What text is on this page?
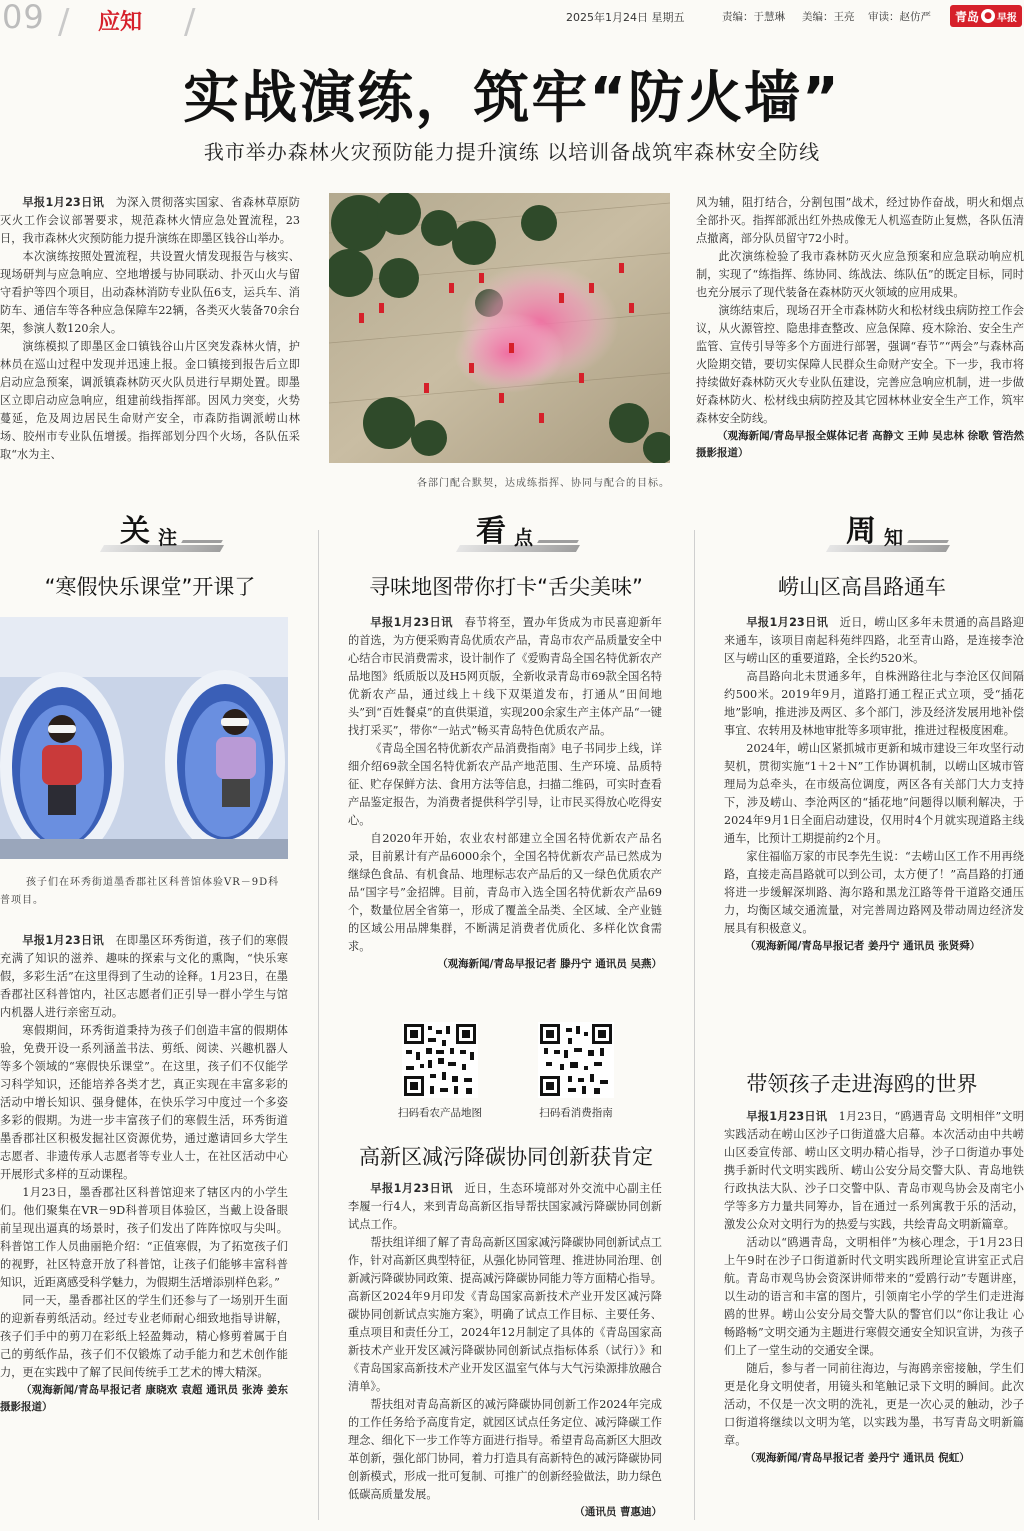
09 / 应知 /	2025年1月24日 星期五	责编：于慧琳 美编：王亮 审读：赵仿严 青岛 ● 早报
实战演练，筑牢“防火墙”
我市举办森林火灾预防能力提升演练 以培训备战筑牢森林安全防线

早报1月23日讯　 为深入贯彻落实国家、省森林草原防灭火工作会议部署要求，规范森林火情应急处置流程，23日，我市森林火灾预防能力提升演练在即墨区钱谷山举办。

本次演练按照处置流程，共设置火情发现报告与核实、现场研判与应急响应、空地增援与协同联动、扑灭山火与留守看护等四个项目，出动森林消防专业队伍6支，运兵车、消防车、通信车等各种应急保障车22辆，各类灭火装备70余台架，参演人数120余人。

演练模拟了即墨区金口镇钱谷山片区突发森林火情，护林员在巡山过程中发现并迅速上报。金口镇接到报告后立即启动应急预案，调派镇森林防灭火队员进行早期处置。即墨区立即启动应急响应，组建前线指挥部。因风力突变，火势蔓延，危及周边居民生命财产安全，市森防指调派崂山林场、胶州市专业队伍增援。指挥部划分四个火场，各队伍采取“水为主、

各部门配合默契，达成练指挥、协同与配合的目标。

风为辅，阻打结合，分割包围”战术，经过协作奋战，明火和烟点全部扑灭。指挥部派出红外热成像无人机巡查防止复燃，各队伍清点撤离，部分队员留守72小时。

此次演练检验了我市森林防灭火应急预案和应急联动响应机制，实现了“练指挥、练协同、练战法、练队伍”的既定目标，同时也充分展示了现代装备在森林防灭火领域的应用成果。

演练结束后，现场召开全市森林防火和松材线虫病防控工作会议，从火源管控、隐患排查整改、应急保障、疫木除治、安全生产监管、宣传引导等多个方面进行部署，强调“春节”“两会”与森林高火险期交错，要切实保障人民群众生命财产安全。下一步，我市将持续做好森林防灭火专业队伍建设，完善应急响应机制，进一步做好森林防火、松材线虫病防控及其它园林林业安全生产工作，筑牢森林安全防线。

（观海新闻/青岛早报全媒体记者 高静文 王帅 吴忠林 徐歌 管浩然 摄影报道）

关 注	看 点	周 知
“寒假快乐课堂”开课了
孩子们在环秀街道墨香郡社区科普馆体验VR－9D科普项目。

早报1月23日讯　 在即墨区环秀街道，孩子们的寒假充满了知识的滋养、趣味的探索与文化的熏陶，“快乐寒假，多彩生活”在这里得到了生动的诠释。1月23日，在墨香郡社区科普馆内，社区志愿者们正引导一群小学生与馆内机器人进行亲密互动。

寒假期间，环秀街道秉持为孩子们创造丰富的假期体验，免费开设一系列涵盖书法、剪纸、阅读、兴趣机器人等多个领域的“寒假快乐课堂”。在这里，孩子们不仅能学习科学知识，还能培养各类才艺，真正实现在丰富多彩的活动中增长知识、强身健体，在快乐学习中度过一个多姿多彩的假期。为进一步丰富孩子们的寒假生活，环秀街道墨香郡社区积极发掘社区资源优势，通过邀请回乡大学生志愿者、非遗传承人志愿者等专业人士，在社区活动中心开展形式多样的互动课程。

1月23日，墨香郡社区科普馆迎来了辖区内的小学生们。他们聚集在VR－9D科普项目体验区，当戴上设备眼前呈现出逼真的场景时，孩子们发出了阵阵惊叹与尖叫。科普馆工作人员曲丽艳介绍：“正值寒假，为了拓宽孩子们的视野，社区特意开放了科普馆，让孩子们能够丰富科普知识，近距离感受科学魅力，为假期生活增添别样色彩。”

同一天，墨香郡社区的学生们还参与了一场别开生面的迎新春剪纸活动。经过专业老师耐心细致地指导讲解，孩子们手中的剪刀在彩纸上轻盈舞动，精心修剪着属于自己的剪纸作品，孩子们不仅锻炼了动手能力和艺术创作能力，更在实践中了解了民间传统手工艺术的博大精深。

（观海新闻/青岛早报记者 康晓欢 袁超 通讯员 张涛 姜东 摄影报道）

寻味地图带你打卡“舌尖美味”

早报1月23日讯　 春节将至，置办年货成为市民喜迎新年的首选，为方便采购青岛优质农产品，青岛市农产品质量安全中心结合市民消费需求，设计制作了《爱购青岛全国名特优新农产品地图》纸质版以及H5网页版，全新收录青岛市69款全国名特优新农产品，通过线上＋线下双渠道发布，打通从“田间地头”到“百姓餐桌”的直供渠道，实现200余家生产主体产品“一键找打采买”，带你“一站式”畅买青岛特色优质农产品。

《青岛全国名特优新农产品消费指南》电子书同步上线，详细介绍69款全国名特优新农产品产地范围、生产环境、品质特征、贮存保鲜方法、食用方法等信息，扫描二维码，可实时查看产品鉴定报告，为消费者提供科学引导，让市民买得放心吃得安心。

自2020年开始，农业农村部建立全国名特优新农产品名录，目前累计有产品6000余个，全国名特优新农产品已然成为继绿色食品、有机食品、地理标志农产品后的又一绿色优质农产品“国字号”金招牌。目前，青岛市入选全国名特优新农产品69个，数量位居全省第一，形成了覆盖全品类、全区域、全产业链的区域公用品牌集群，不断满足消费者优质化、多样化饮食需求。

（观海新闻/青岛早报记者 滕丹宁 通讯员 吴燕）

扫码看农产品地图	扫码看消费指南
高新区减污降碳协同创新获肯定

早报1月23日讯　 近日，生态环境部对外交流中心副主任李履一行4人，来到青岛高新区指导帮扶国家减污降碳协同创新试点工作。

帮扶组详细了解了青岛高新区国家减污降碳协同创新试点工作，针对高新区典型特征，从强化协同管理、推进协同治理、创新减污降碳协同政策、提高减污降碳协同能力等方面精心指导。高新区2024年9月印发《青岛国家高新技术产业开发区减污降碳协同创新试点实施方案》，明确了试点工作目标、主要任务、重点项目和责任分工，2024年12月制定了具体的《青岛国家高新技术产业开发区减污降碳协同创新试点指标体系（试行）》和《青岛国家高新技术产业开发区温室气体与大气污染源排放融合清单》。

帮扶组对青岛高新区的减污降碳协同创新工作2024年完成的工作任务给予高度肯定，就园区试点任务定位、减污降碳工作理念、细化下一步工作等方面进行指导。希望青岛高新区大胆改革创新，强化部门协同，着力打造具有高新特色的减污降碳协同创新模式，形成一批可复制、可推广的创新经验做法，助力绿色低碳高质量发展。

（通讯员 曹惠迪）

崂山区高昌路通车

早报1月23日讯　 近日，崂山区多年未贯通的高昌路迎来通车，该项目南起科苑绊四路，北至青山路，是连接李沧区与崂山区的重要道路，全长约520米。

高昌路向北未贯通多年，自株洲路往北与李沧区仅间隔约500米。2019年9月，道路打通工程正式立项，受“插花地”影响，推进涉及两区、多个部门，涉及经济发展用地补偿事宜、农转用及林地审批等多项审批，推进过程极度困难。

2024年，崂山区紧抓城市更新和城市建设三年攻坚行动契机，贯彻实施“1＋2＋N”工作协调机制，以崂山区城市管理局为总牵头，在市级高位调度，两区各有关部门大力支持下，涉及崂山、李沧两区的“插花地”问题得以顺利解决，于2024年9月1日全面启动建设，仅用时4个月就实现道路主线通车，比预计工期提前约2个月。

家住福临万家的市民李先生说：“去崂山区工作不用再绕路，直接走高昌路就可以到公司，太方便了！”高昌路的打通将进一步缓解深圳路、海尔路和黑龙江路等骨干道路交通压力，均衡区域交通流量，对完善周边路网及带动周边经济发展具有积极意义。

（观海新闻/青岛早报记者 姜丹宁 通讯员 张贤舜）

带领孩子走进海鸥的世界

早报1月23日讯　 1月23日，“鸥遇青岛 文明相伴”文明实践活动在崂山区沙子口街道盛大启幕。本次活动由中共崂山区委宣传部、崂山区文明办精心指导，沙子口街道办事处携手新时代文明实践所、崂山公安分局交警大队、青岛地铁行政执法大队、沙子口交警中队、青岛市观鸟协会及南宅小学等多方力量共同筹办，旨在通过一系列寓教于乐的活动，激发公众对文明行为的热爱与实践，共绘青岛文明新篇章。

活动以“鸥遇青岛，文明相伴”为核心理念，于1月23日上午9时在沙子口街道新时代文明实践所理论宣讲室正式启航。青岛市观鸟协会资深讲师带来的“爱鸥行动”专题讲座，以生动的语言和丰富的图片，引领南宅小学的学生们走进海鸥的世界。崂山公安分局交警大队的警官们以“你让我让 心畅路畅”文明交通为主题进行寒假交通安全知识宣讲，为孩子们上了一堂生动的交通安全课。

随后，参与者一同前往海边，与海鸥亲密接触，学生们更是化身文明使者，用镜头和笔触记录下文明的瞬间。此次活动，不仅是一次文明的洗礼，更是一次心灵的触动，沙子口街道将继续以文明为笔，以实践为墨，书写青岛文明新篇章。

（观海新闻/青岛早报记者 姜丹宁 通讯员 倪虹）
